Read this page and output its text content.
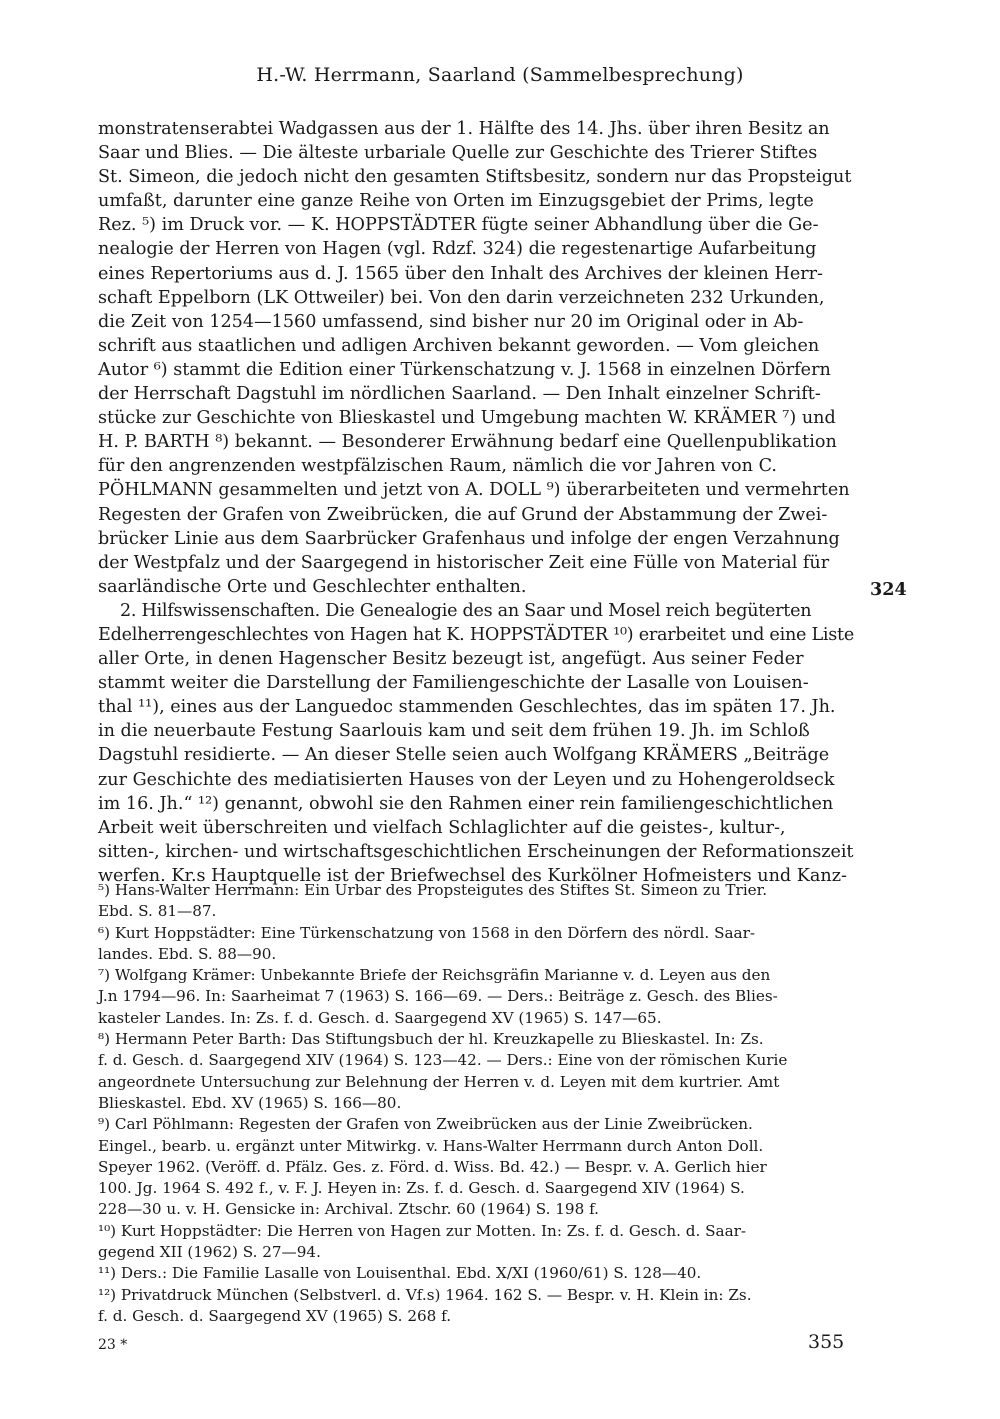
H.-W. Herrmann, Saarland (Sammelbesprechung)
monstratenserabtei Wadgassen aus der 1. Hälfte des 14. Jhs. über ihren Besitz an
Saar und Blies. — Die älteste urbariale Quelle zur Geschichte des Trierer Stiftes
St. Simeon, die jedoch nicht den gesamten Stiftsbesitz, sondern nur das Propsteigut
umfaßt, darunter eine ganze Reihe von Orten im Einzugsgebiet der Prims, legte
Rez. ⁵) im Druck vor. — K. HOPPSTÄDTER fügte seiner Abhandlung über die Ge-
nealogie der Herren von Hagen (vgl. Rdzf. 324) die regestenartige Aufarbeitung
eines Repertoriums aus d. J. 1565 über den Inhalt des Archives der kleinen Herr-
schaft Eppelborn (LK Ottweiler) bei. Von den darin verzeichneten 232 Urkunden,
die Zeit von 1254—1560 umfassend, sind bisher nur 20 im Original oder in Ab-
schrift aus staatlichen und adligen Archiven bekannt geworden. — Vom gleichen
Autor ⁶) stammt die Edition einer Türkenschatzung v. J. 1568 in einzelnen Dörfern
der Herrschaft Dagstuhl im nördlichen Saarland. — Den Inhalt einzelner Schrift-
stücke zur Geschichte von Blieskastel und Umgebung machten W. KRÄMER ⁷) und
H. P. BARTH ⁸) bekannt. — Besonderer Erwähnung bedarf eine Quellenpublikation
für den angrenzenden westpfälzischen Raum, nämlich die vor Jahren von C.
PÖHLMANN gesammelten und jetzt von A. DOLL ⁹) überarbeiteten und vermehrten
Regesten der Grafen von Zweibrücken, die auf Grund der Abstammung der Zwei-
brücker Linie aus dem Saarbrücker Grafenhaus und infolge der engen Verzahnung
der Westpfalz und der Saargegend in historischer Zeit eine Fülle von Material für
saarländische Orte und Geschlechter enthalten.
2. Hilfswissenschaften. Die Genealogie des an Saar und Mosel reich begüterten
Edelherrengeschlechtes von Hagen hat K. HOPPSTÄDTER ¹⁰) erarbeitet und eine Liste
aller Orte, in denen Hagenscher Besitz bezeugt ist, angefügt. Aus seiner Feder
stammt weiter die Darstellung der Familiengeschichte der Lasalle von Louisen-
thal ¹¹), eines aus der Languedoc stammenden Geschlechtes, das im späten 17. Jh.
in die neuerbaute Festung Saarlouis kam und seit dem frühen 19. Jh. im Schloß
Dagstuhl residierte. — An dieser Stelle seien auch Wolfgang KRÄMERS „Beiträge
zur Geschichte des mediatisierten Hauses von der Leyen und zu Hohengeroldseck
im 16. Jh.“ ¹²) genannt, obwohl sie den Rahmen einer rein familiengeschichtlichen
Arbeit weit überschreiten und vielfach Schlaglichter auf die geistes-, kultur-,
sitten-, kirchen- und wirtschaftsgeschichtlichen Erscheinungen der Reformationszeit
werfen. Kr.s Hauptquelle ist der Briefwechsel des Kurkölner Hofmeisters und Kanz-
324
⁵) Hans-Walter Herrmann: Ein Urbar des Propsteigutes des Stiftes St. Simeon zu Trier.
Ebd. S. 81—87.
⁶) Kurt Hoppstädter: Eine Türkenschatzung von 1568 in den Dörfern des nördl. Saar-
landes. Ebd. S. 88—90.
⁷) Wolfgang Krämer: Unbekannte Briefe der Reichsgräfin Marianne v. d. Leyen aus den
J.n 1794—96. In: Saarheimat 7 (1963) S. 166—69. — Ders.: Beiträge z. Gesch. des Blies-
kasteler Landes. In: Zs. f. d. Gesch. d. Saargegend XV (1965) S. 147—65.
⁸) Hermann Peter Barth: Das Stiftungsbuch der hl. Kreuzkapelle zu Blieskastel. In: Zs.
f. d. Gesch. d. Saargegend XIV (1964) S. 123—42. — Ders.: Eine von der römischen Kurie
angeordnete Untersuchung zur Belehnung der Herren v. d. Leyen mit dem kurtrier. Amt
Blieskastel. Ebd. XV (1965) S. 166—80.
⁹) Carl Pöhlmann: Regesten der Grafen von Zweibrücken aus der Linie Zweibrücken.
Eingel., bearb. u. ergänzt unter Mitwirkg. v. Hans-Walter Herrmann durch Anton Doll.
Speyer 1962. (Veröff. d. Pfälz. Ges. z. Förd. d. Wiss. Bd. 42.) — Bespr. v. A. Gerlich hier
100. Jg. 1964 S. 492 f., v. F. J. Heyen in: Zs. f. d. Gesch. d. Saargegend XIV (1964) S.
228—30 u. v. H. Gensicke in: Archival. Ztschr. 60 (1964) S. 198 f.
¹⁰) Kurt Hoppstädter: Die Herren von Hagen zur Motten. In: Zs. f. d. Gesch. d. Saar-
gegend XII (1962) S. 27—94.
¹¹) Ders.: Die Familie Lasalle von Louisenthal. Ebd. X/XI (1960/61) S. 128—40.
¹²) Privatdruck München (Selbstverl. d. Vf.s) 1964. 162 S. — Bespr. v. H. Klein in: Zs.
f. d. Gesch. d. Saargegend XV (1965) S. 268 f.
23 *	355
